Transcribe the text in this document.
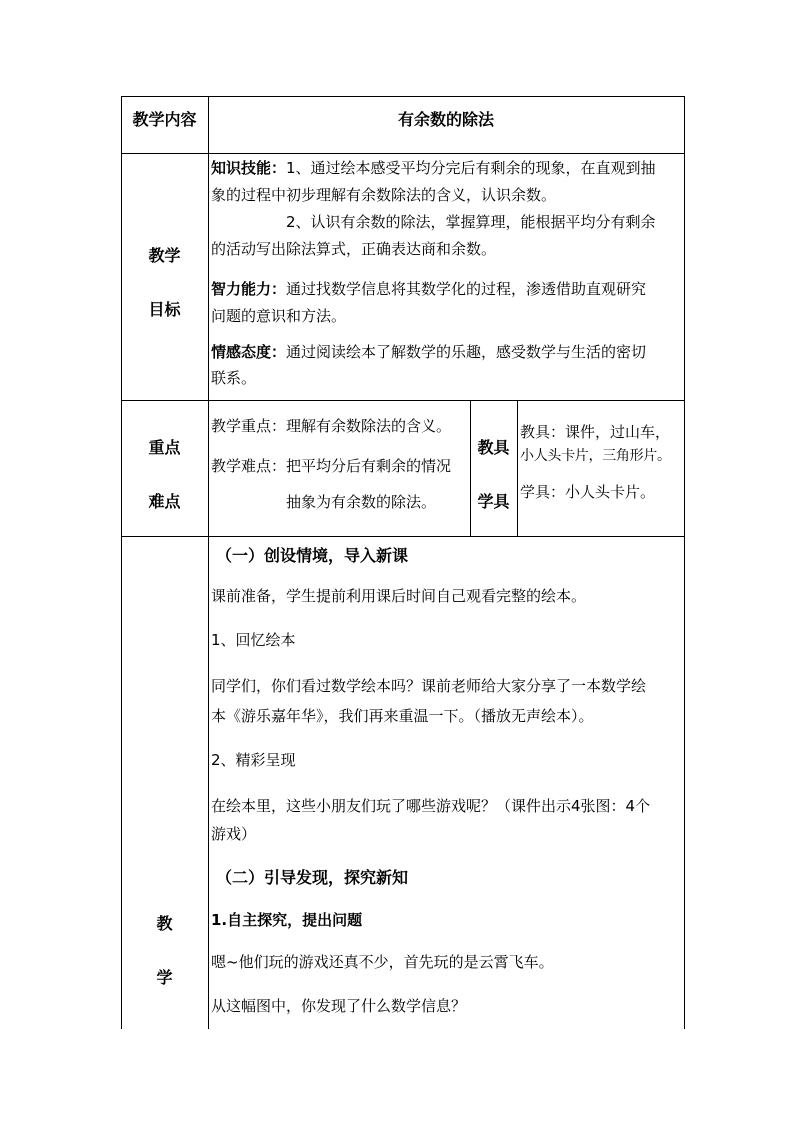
教学内容	有余数的除法
教学
目标
知识技能：1、通过绘本感受平均分完后有剩余的现象，在直观到抽
象的过程中初步理解有余数除法的含义，认识余数。
2、认识有余数的除法，掌握算理，能根据平均分有剩余
的活动写出除法算式，正确表达商和余数。
智力能力：通过找数学信息将其数学化的过程，渗透借助直观研究
问题的意识和方法。
情感态度：通过阅读绘本了解数学的乐趣，感受数学与生活的密切
联系。
重点
难点
教学重点：理解有余数除法的含义。
教学难点：把平均分后有剩余的情况
抽象为有余数的除法。
教具
学具
教具：课件，过山车，
小人头卡片，三角形片。
学具：小人头卡片。
教
学
（一）创设情境，导入新课
课前准备，学生提前利用课后时间自己观看完整的绘本。
1、回忆绘本
同学们，你们看过数学绘本吗？课前老师给大家分享了一本数学绘
本《游乐嘉年华》，我们再来重温一下。（播放无声绘本）。
2、精彩呈现
在绘本里，这些小朋友们玩了哪些游戏呢？（课件出示4张图：4个
游戏）
（二）引导发现，探究新知
1.自主探究，提出问题
嗯~他们玩的游戏还真不少，首先玩的是云霄飞车。
从这幅图中，你发现了什么数学信息？
